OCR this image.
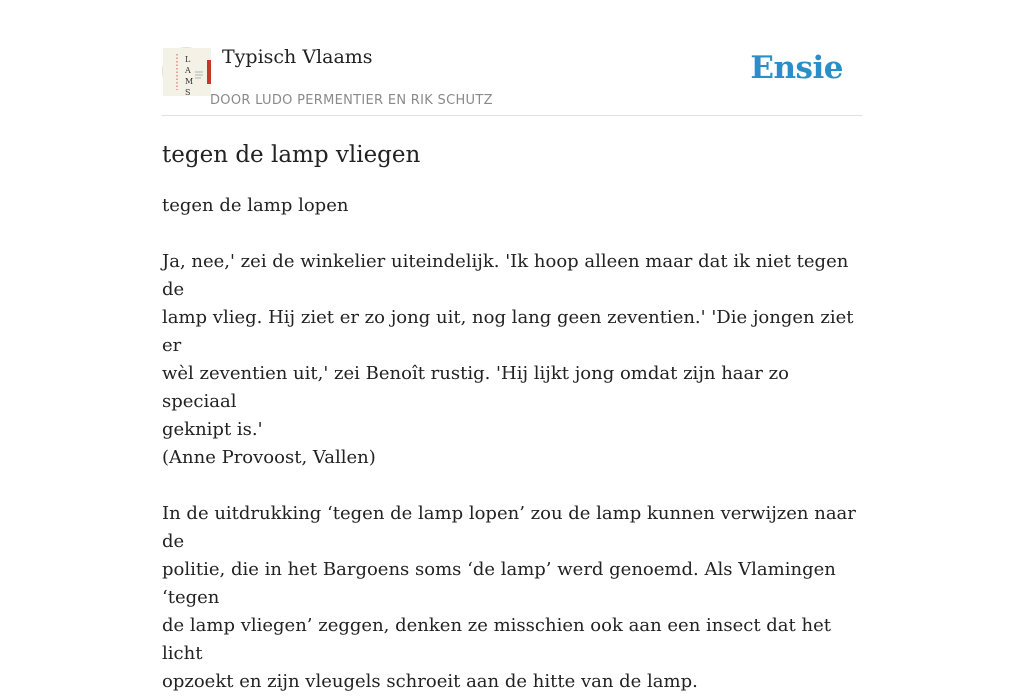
L
A
M
S
Typisch Vlaams
DOOR LUDO PERMENTIER EN RIK SCHUTZ
Ensie
tegen de lamp vliegen

tegen de lamp lopen

Ja, nee,' zei de winkelier uiteindelijk. 'Ik hoop alleen maar dat ik niet tegen de

lamp vlieg. Hij ziet er zo jong uit, nog lang geen zeventien.' 'Die jongen ziet er

wèl zeventien uit,' zei Benoît rustig. 'Hij lijkt jong omdat zijn haar zo speciaal

geknipt is.'

(Anne Provoost, Vallen)

In de uitdrukking ‘tegen de lamp lopen’ zou de lamp kunnen verwijzen naar de

politie, die in het Bargoens soms ‘de lamp’ werd genoemd. Als Vlamingen ‘tegen

de lamp vliegen’ zeggen, denken ze misschien ook aan een insect dat het licht

opzoekt en zijn vleugels schroeit aan de hitte van de lamp.
